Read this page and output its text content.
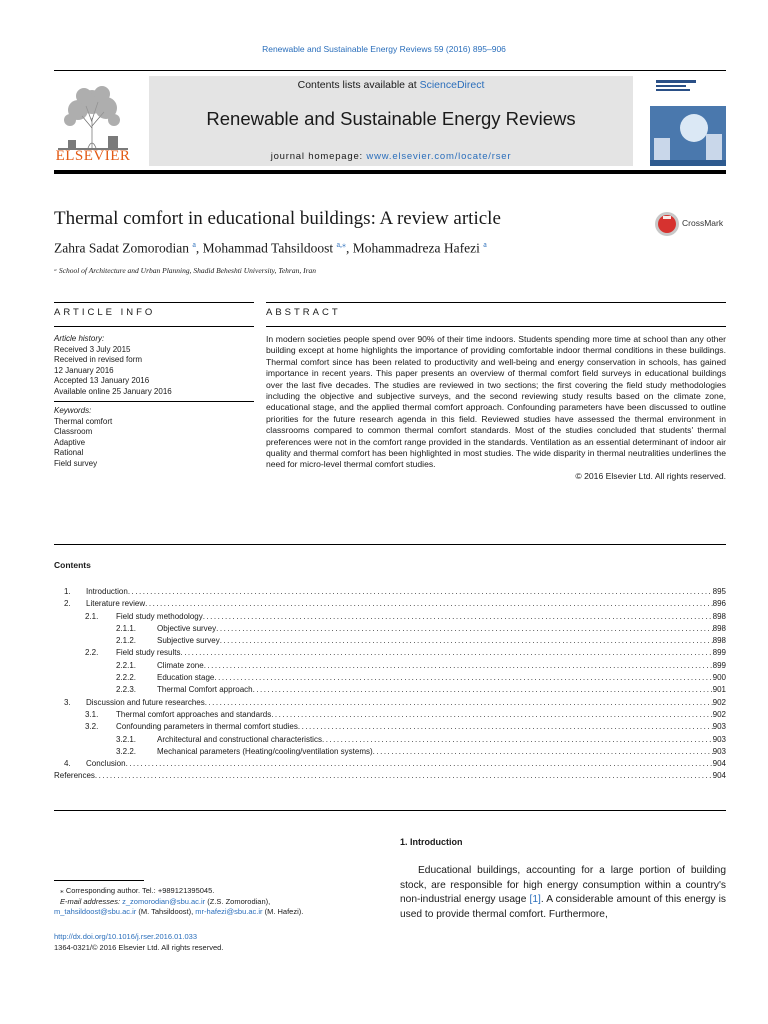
Renewable and Sustainable Energy Reviews 59 (2016) 895–906
ELSEVIER
Contents lists available at ScienceDirect
Renewable and Sustainable Energy Reviews
journal homepage: www.elsevier.com/locate/rser
Thermal comfort in educational buildings: A review article
Zahra Sadat Zomorodian $^a$, Mohammad Tahsildoost $^{a,⁎}$, Mohammadreza Hafezi $^a$
ᵃ School of Architecture and Urban Planning, Shadid Beheshti University, Tehran, Iran
CrossMark
ARTICLE INFO
Article history:
Received 3 July 2015
Received in revised form
12 January 2016
Accepted 13 January 2016
Available online 25 January 2016
Keywords:
Thermal comfort
Classroom
Adaptive
Rational
Field survey
ABSTRACT
In modern societies people spend over 90% of their time indoors. Students spending more time at school than any other building except at home highlights the importance of providing comfortable indoor thermal conditions in these buildings. Thermal comfort since has been related to productivity and well-being and energy conservation in schools, has gained importance in recent years. This paper presents an overview of thermal comfort field surveys in educational buildings over the last five decades. The studies are reviewed in two sections; the first covering the field study methodologies including the objective and subjective surveys, and the second reviewing study results based on the climate zone, educational stage, and the applied thermal comfort approach. Confounding parameters have been discussed to outline priorities for the future research agenda in this field. Reviewed studies have assessed the thermal environment in classrooms compared to common thermal comfort standards. Most of the studies concluded that students' thermal preferences were not in the comfort range provided in the standards. Ventilation as an essential determinant of indoor air quality and thermal comfort has been highlighted in most studies. The wide disparity in thermal neutralities underlines the need for micro-level thermal comfort studies.
© 2016 Elsevier Ltd. All rights reserved.
Contents
1.	Introduction .....	895
2.	Literature review .....	896
2.1.	Field study methodology .....	898
2.1.1.	Objective survey .....	898
2.1.2.	Subjective survey .....	898
2.2.	Field study results .....	899
2.2.1.	Climate zone .....	899
2.2.2.	Education stage .....	900
2.2.3.	Thermal Comfort approach .....	901
3.	Discussion and future researches .....	902
3.1.	Thermal comfort approaches and standards .....	902
3.2.	Confounding parameters in thermal comfort studies .....	903
3.2.1.	Architectural and constructional characteristics .....	903
3.2.2.	Mechanical parameters (Heating/cooling/ventilation systems) .....	903
4.	Conclusion .....	904
References .....	904
1. Introduction
Educational buildings, accounting for a large portion of building stock, are responsible for high energy consumption within a country's non-industrial energy usage [1]. A considerable amount of this energy is used to provide thermal comfort. Furthermore,
⁎ Corresponding author. Tel.: +989121395045.
E-mail addresses: z_zomorodian@sbu.ac.ir (Z.S. Zomorodian),
m_tahsildoost@sbu.ac.ir (M. Tahsildoost), mr-hafezi@sbu.ac.ir (M. Hafezi).
http://dx.doi.org/10.1016/j.rser.2016.01.033
1364-0321/© 2016 Elsevier Ltd. All rights reserved.
